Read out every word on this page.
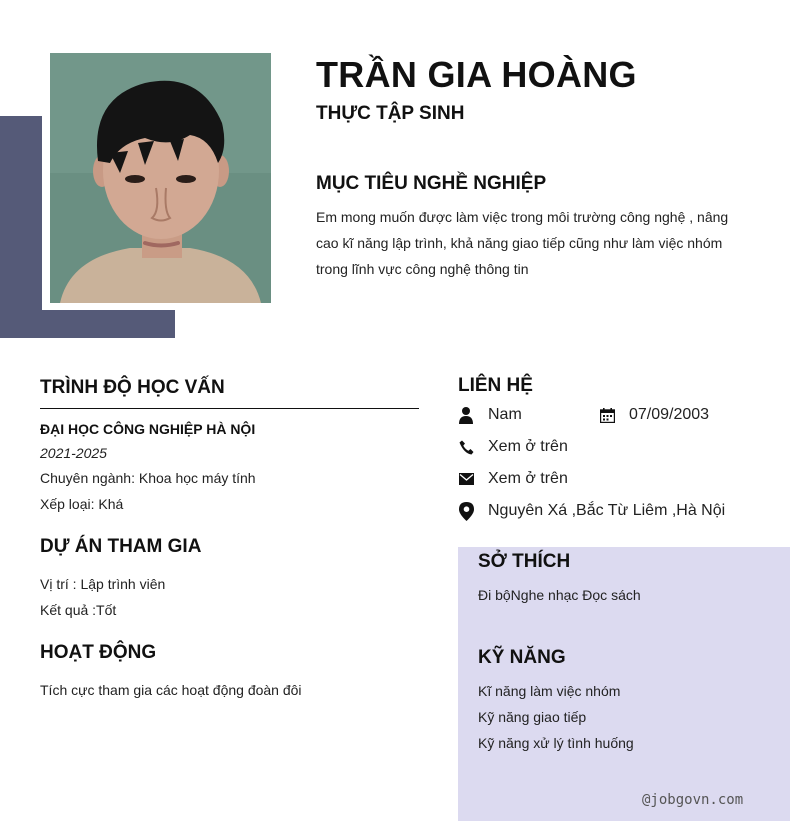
TRẦN GIA HOÀNG
THỰC TẬP SINH
MỤC TIÊU NGHỀ NGHIỆP
Em mong muốn được làm việc trong môi trường công nghệ , nâng
cao kĩ năng lập trình, khả năng giao tiếp cũng như làm việc nhóm
trong lĩnh vực công nghệ thông tin
TRÌNH ĐỘ HỌC VẤN
ĐẠI HỌC CÔNG NGHIỆP HÀ NỘI
2021-2025
Chuyên ngành: Khoa học máy tính
Xếp loại: Khá
DỰ ÁN THAM GIA
Vị trí : Lập trình viên
Kết quả :Tốt
HOẠT ĐỘNG
Tích cực tham gia các hoạt động đoàn đôi
LIÊN HỆ
Nam	07/09/2003
Xem ở trên
Xem ở trên
Nguyên Xá ,Bắc Từ Liêm ,Hà Nội
SỞ THÍCH
Đi bộNghe nhạc Đọc sách
KỸ NĂNG
Kĩ năng làm việc nhóm
Kỹ năng giao tiếp
Kỹ năng xử lý tình huống
@jobgovn.com
